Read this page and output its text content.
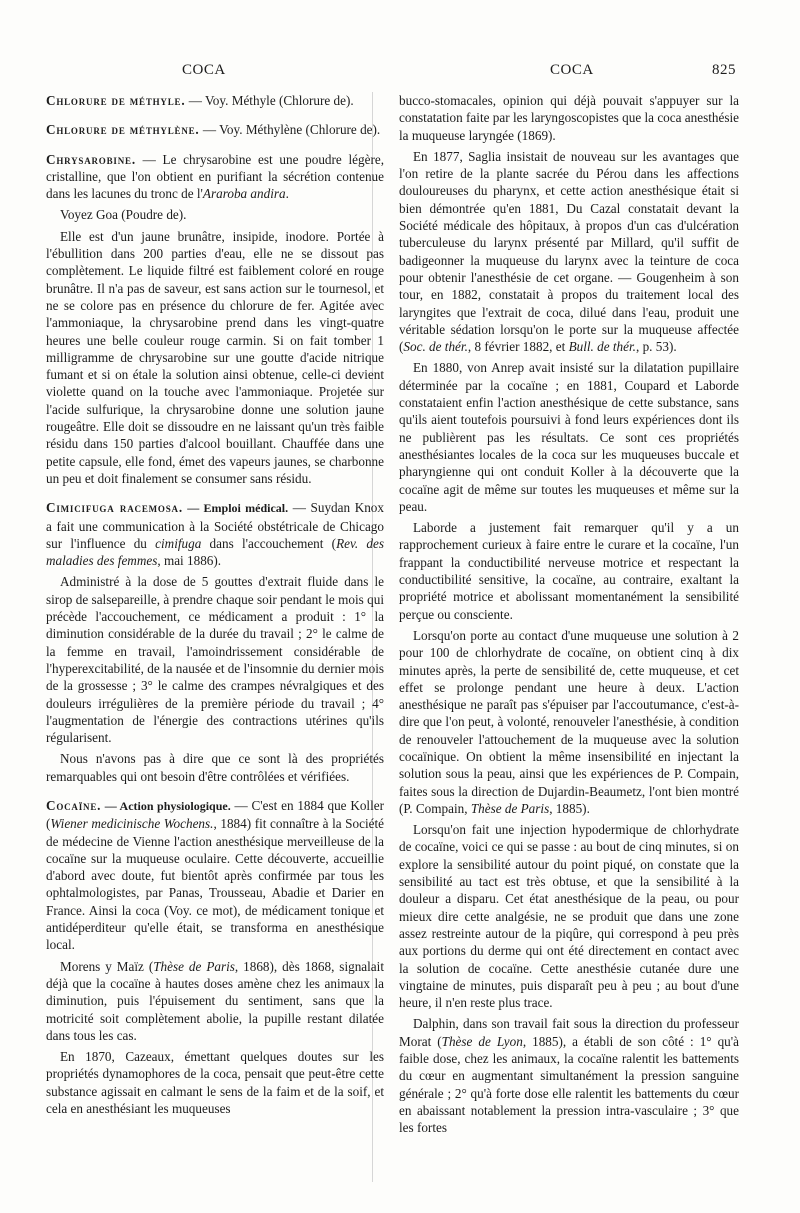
COCA	COCA	825

Chlorure de méthyle. — Voy. Méthyle (Chlorure de).

Chlorure de méthylène. — Voy. Méthylène (Chlorure de).

Chrysarobine. — Le chrysarobine est une poudre légère, cristalline, que l'on obtient en purifiant la sécrétion contenue dans les lacunes du tronc de l'Araroba andira.

Voyez Goa (Poudre de).

Elle est d'un jaune brunâtre, insipide, inodore. Portée à l'ébullition dans 200 parties d'eau, elle ne se dissout pas complètement. Le liquide filtré est faiblement coloré en rouge brunâtre. Il n'a pas de saveur, est sans action sur le tournesol, et ne se colore pas en présence du chlorure de fer. Agitée avec l'ammoniaque, la chrysarobine prend dans les vingt-quatre heures une belle couleur rouge carmin. Si on fait tomber 1 milligramme de chrysarobine sur une goutte d'acide nitrique fumant et si on étale la solution ainsi obtenue, celle-ci devient violette quand on la touche avec l'ammoniaque. Projetée sur l'acide sulfurique, la chrysarobine donne une solution jaune rougeâtre. Elle doit se dissoudre en ne laissant qu'un très faible résidu dans 150 parties d'alcool bouillant. Chauffée dans une petite capsule, elle fond, émet des vapeurs jaunes, se charbonne un peu et doit finalement se consumer sans résidu.

Cimicifuga racemosa. — Emploi médical. — Suydan Knox a fait une communication à la Société obstétricale de Chicago sur l'influence du cimifuga dans l'accouchement (Rev. des maladies des femmes, mai 1886).

Administré à la dose de 5 gouttes d'extrait fluide dans le sirop de salsepareille, à prendre chaque soir pendant le mois qui précède l'accouchement, ce médicament a produit : 1° la diminution considérable de la durée du travail ; 2° le calme de la femme en travail, l'amoindrissement considérable de l'hyperexcitabilité, de la nausée et de l'insomnie du dernier mois de la grossesse ; 3° le calme des crampes névralgiques et des douleurs irrégulières de la première période du travail ; 4° l'augmentation de l'énergie des contractions utérines qu'ils régularisent.

Nous n'avons pas à dire que ce sont là des propriétés remarquables qui ont besoin d'être contrôlées et vérifiées.

Cocaïne. — Action physiologique. — C'est en 1884 que Koller (Wiener medicinische Wochens., 1884) fit connaître à la Société de médecine de Vienne l'action anesthésique merveilleuse de la cocaïne sur la muqueuse oculaire. Cette découverte, accueillie d'abord avec doute, fut bientôt après confirmée par tous les ophtalmologistes, par Panas, Trousseau, Abadie et Darier en France. Ainsi la coca (Voy. ce mot), de médicament tonique et antidéperditeur qu'elle était, se transforma en anesthésique local.

Morens y Maïz (Thèse de Paris, 1868), dès 1868, signalait déjà que la cocaïne à hautes doses amène chez les animaux la diminution, puis l'épuisement du sentiment, sans que la motricité soit complètement abolie, la pupille restant dilatée dans tous les cas.

En 1870, Cazeaux, émettant quelques doutes sur les propriétés dynamophores de la coca, pensait que peut-être cette substance agissait en calmant le sens de la faim et de la soif, et cela en anesthésiant les muqueuses

bucco-stomacales, opinion qui déjà pouvait s'appuyer sur la constatation faite par les laryngoscopistes que la coca anesthésie la muqueuse laryngée (1869).

En 1877, Saglia insistait de nouveau sur les avantages que l'on retire de la plante sacrée du Pérou dans les affections douloureuses du pharynx, et cette action anesthésique était si bien démontrée qu'en 1881, Du Cazal constatait devant la Société médicale des hôpitaux, à propos d'un cas d'ulcération tuberculeuse du larynx présenté par Millard, qu'il suffit de badigeonner la muqueuse du larynx avec la teinture de coca pour obtenir l'anesthésie de cet organe. — Gougenheim à son tour, en 1882, constatait à propos du traitement local des laryngites que l'extrait de coca, dilué dans l'eau, produit une véritable sédation lorsqu'on le porte sur la muqueuse affectée (Soc. de thér., 8 février 1882, et Bull. de thér., p. 53).

En 1880, von Anrep avait insisté sur la dilatation pupillaire déterminée par la cocaïne ; en 1881, Coupard et Laborde constataient enfin l'action anesthésique de cette substance, sans qu'ils aient toutefois poursuivi à fond leurs expériences dont ils ne publièrent pas les résultats. Ce sont ces propriétés anesthésiantes locales de la coca sur les muqueuses buccale et pharyngienne qui ont conduit Koller à la découverte que la cocaïne agit de même sur toutes les muqueuses et même sur la peau.

Laborde a justement fait remarquer qu'il y a un rapprochement curieux à faire entre le curare et la cocaïne, l'un frappant la conductibilité nerveuse motrice et respectant la conductibilité sensitive, la cocaïne, au contraire, exaltant la propriété motrice et abolissant momentanément la sensibilité perçue ou consciente.

Lorsqu'on porte au contact d'une muqueuse une solution à 2 pour 100 de chlorhydrate de cocaïne, on obtient cinq à dix minutes après, la perte de sensibilité de, cette muqueuse, et cet effet se prolonge pendant une heure à deux. L'action anesthésique ne paraît pas s'épuiser par l'accoutumance, c'est-à-dire que l'on peut, à volonté, renouveler l'anesthésie, à condition de renouveler l'attouchement de la muqueuse avec la solution cocaïnique. On obtient la même insensibilité en injectant la solution sous la peau, ainsi que les expériences de P. Compain, faites sous la direction de Dujardin-Beaumetz, l'ont bien montré (P. Compain, Thèse de Paris, 1885).

Lorsqu'on fait une injection hypodermique de chlorhydrate de cocaïne, voici ce qui se passe : au bout de cinq minutes, si on explore la sensibilité autour du point piqué, on constate que la sensibilité au tact est très obtuse, et que la sensibilité à la douleur a disparu. Cet état anesthésique de la peau, ou pour mieux dire cette analgésie, ne se produit que dans une zone assez restreinte autour de la piqûre, qui correspond à peu près aux portions du derme qui ont été directement en contact avec la solution de cocaïne. Cette anesthésie cutanée dure une vingtaine de minutes, puis disparaît peu à peu ; au bout d'une heure, il n'en reste plus trace.

Dalphin, dans son travail fait sous la direction du professeur Morat (Thèse de Lyon, 1885), a établi de son côté : 1° qu'à faible dose, chez les animaux, la cocaïne ralentit les battements du cœur en augmentant simultanément la pression sanguine générale ; 2° qu'à forte dose elle ralentit les battements du cœur en abaissant notablement la pression intra-vasculaire ; 3° que les fortes
